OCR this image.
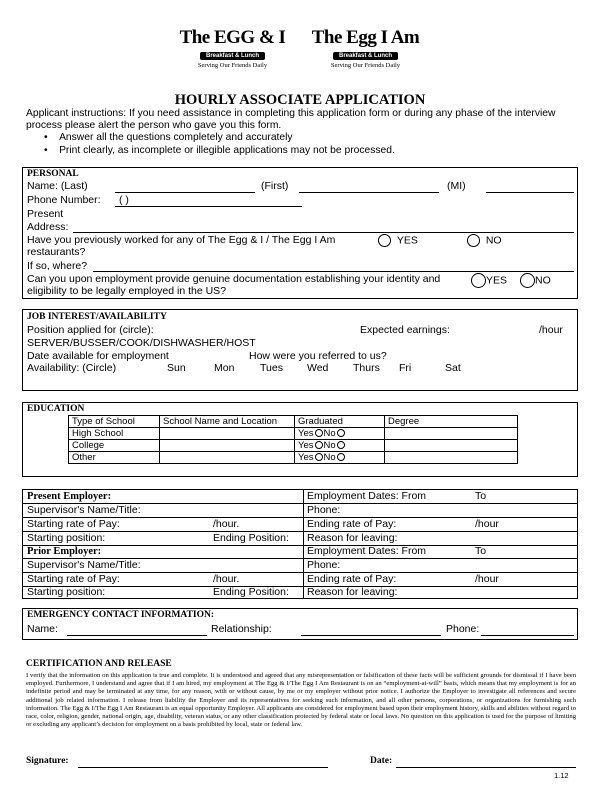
The EGG & I
Breakfast & Lunch
Serving Our Friends Daily
The Egg I Am
Breakfast & Lunch
Serving Our Friends Daily
HOURLY ASSOCIATE APPLICATION
Applicant instructions: If you need assistance in completing this application form or during any phase of the interview process please alert the person who gave you this form.
•    Answer all the questions completely and accurately
•    Print clearly, as incomplete or illegible applications may not be processed.
PERSONAL
Name: (Last)	(First)	(MI)
Phone Number: ( )
Present
Address:
Have you previously worked for any of The Egg & I / The Egg I Am restaurants?
YES	NO
If so, where?
Can you upon employment provide genuine documentation establishing your identity and eligibility to be legally employed in the US?
YES	NO
JOB INTEREST/AVAILABILITY
Position applied for (circle):	Expected earnings:	/hour
SERVER/BUSSER/COOK/DISHWASHER/HOST
Date available for employment	How were you referred to us?
Availability: (Circle)	Sun	Mon Tues Wed Thurs Fri	Sat
EDUCATION
Type of School	School Name and Location	Graduated	Degree
High School		Yes No	
College		Yes No	
Other		Yes No	
Present Employer:	Employment Dates: From	To
Supervisor's Name/Title:	Phone:
Starting rate of Pay:	/hour.	Ending rate of Pay:	/hour
Starting position:	Ending Position: Reason for leaving:
Prior Employer:	Employment Dates: From	To
Supervisor's Name/Title:	Phone:
Starting rate of Pay:	/hour.	Ending rate of Pay:	/hour
Starting position:	Ending Position: Reason for leaving:
EMERGENCY CONTACT INFORMATION:
Name:	Relationship:	Phone:
CERTIFICATION AND RELEASE
I verify that the information on this application is true and complete. It is understood and agreed that any misrepresentation or falsification of these facts will be sufficient grounds for dismissal if I have been employed. Furthermore, I understand and agree that if I am hired, my employment at The Egg & I/The Egg I Am Restaurant is on an “employment-at-will” basis, which means that my employment is for an indefinite period and may be terminated at any time, for any reason, with or without cause, by me or my employer without prior notice. I authorize the Employer to investigate all references and secure additional job related information. I release from liability the Employer and its representatives for seeking such information, and all other persons, corporations, or organizations for furnishing such information. The Egg & I/The Egg I Am Restaurant is an equal opportunity Employer. All applicants are considered for employment based upon their employment history, skills and abilities without regard to race, color, religion, gender, national origin, age, disability, veteran status, or any other classification protected by federal state or local laws. No question on this application is used for the purpose of limiting or excluding any applicant’s decision for employment on a basis prohibited by local, state or federal law.
Signature:	Date:
1.12
